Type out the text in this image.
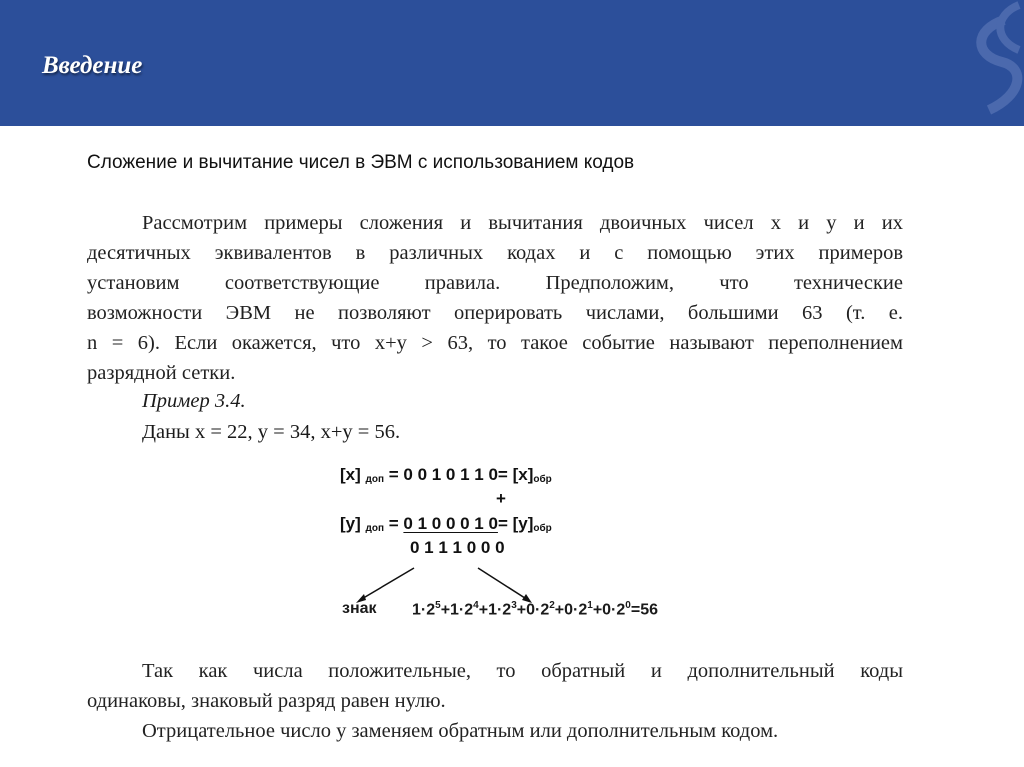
Введение
Сложение и вычитание чисел в ЭВМ с использованием кодов
Рассмотрим примеры сложения и вычитания двоичных чисел x и y и их
десятичных эквивалентов в различных кодах и с помощью этих примеров
установим соответствующие правила. Предположим, что технические
возможности ЭВМ не позволяют оперировать числами, большими 63 (т. е.
n = 6). Если окажется, что x+y > 63, то такое событие называют переполнением
разрядной сетки.
Пример 3.4.
Даны x = 22, y = 34, x+y = 56.
[x] доп = 0 0 1 0 1 1 0= [x]обр
+
[y] доп = 0 1 0 0 0 1 0= [y]обр
0 1 1 1 0 0 0
знак $1\cdot 2^5+1\cdot 2^4+1\cdot 2^3+0\cdot 2^2+0\cdot 2^1+0\cdot 2^0=56$
Так как числа положительные, то обратный и дополнительный коды
одинаковы, знаковый разряд равен нулю.
Отрицательное число y заменяем обратным или дополнительным кодом.
